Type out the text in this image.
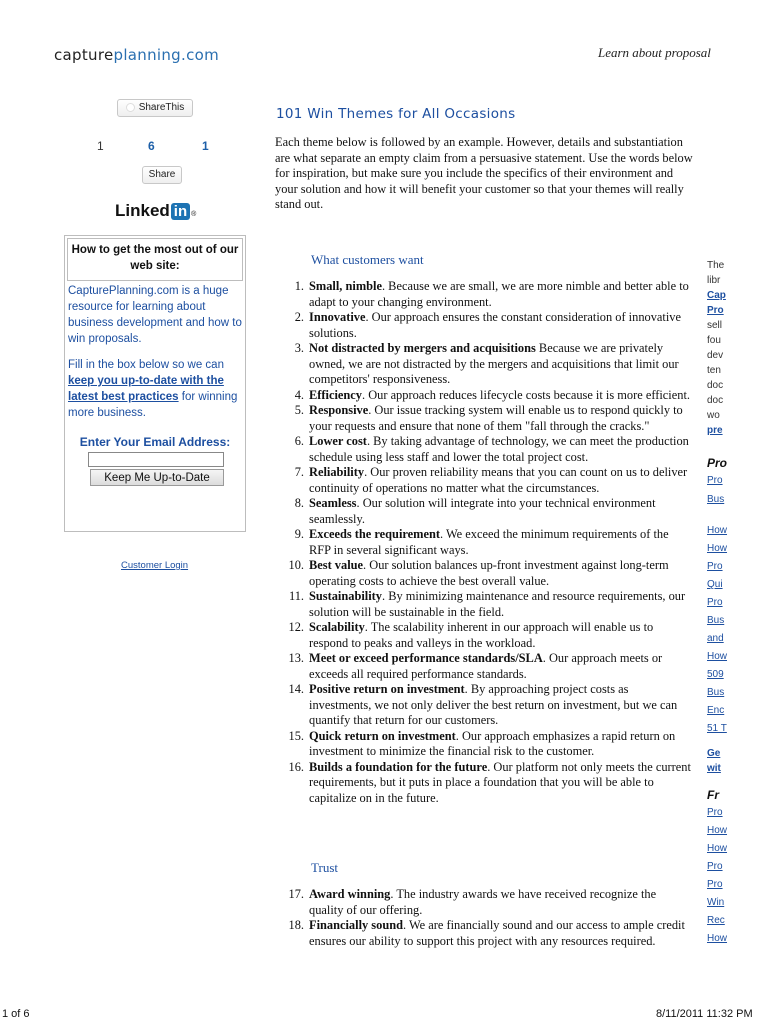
captureplanning.com	Learn about proposal
ShareThis
1	6	1
Share
Linked in ®
How to get the most out of our web site:

CapturePlanning.com is a huge resource for learning about business development and how to win proposals.

Fill in the box below so we can keep you up-to-date with the latest best practices for winning more business.

Enter Your Email Address:
Keep Me Up-to-Date
Customer Login
101 Win Themes for All Occasions
Each theme below is followed by an example. However, details and substantiation are what separate an empty claim from a persuasive statement. Use the words below for inspiration, but make sure you include the specifics of their environment and your solution and how it will benefit your customer so that your themes will really stand out.
What customers want
1. Small, nimble. Because we are small, we are more nimble and better able to adapt to your changing environment.
2. Innovative. Our approach ensures the constant consideration of innovative solutions.
3. Not distracted by mergers and acquisitions Because we are privately owned, we are not distracted by the mergers and acquisitions that limit our competitors' responsiveness.
4. Efficiency. Our approach reduces lifecycle costs because it is more efficient.
5. Responsive. Our issue tracking system will enable us to respond quickly to your requests and ensure that none of them "fall through the cracks."
6. Lower cost. By taking advantage of technology, we can meet the production schedule using less staff and lower the total project cost.
7. Reliability. Our proven reliability means that you can count on us to deliver continuity of operations no matter what the circumstances.
8. Seamless. Our solution will integrate into your technical environment seamlessly.
9. Exceeds the requirement. We exceed the minimum requirements of the RFP in several significant ways.
10. Best value. Our solution balances up-front investment against long-term operating costs to achieve the best overall value.
11. Sustainability. By minimizing maintenance and resource requirements, our solution will be sustainable in the field.
12. Scalability. The scalability inherent in our approach will enable us to respond to peaks and valleys in the workload.
13. Meet or exceed performance standards/SLA. Our approach meets or exceeds all required performance standards.
14. Positive return on investment. By approaching project costs as investments, we not only deliver the best return on investment, but we can quantify that return for our customers.
15. Quick return on investment. Our approach emphasizes a rapid return on investment to minimize the financial risk to the customer.
16. Builds a foundation for the future. Our platform not only meets the current requirements, but it puts in place a foundation that you will be able to capitalize on in the future.
Trust
17. Award winning. The industry awards we have received recognize the quality of our offering.
18. Financially sound. We are financially sound and our access to ample credit ensures our ability to support this project with any resources required.
The
libr
Cap
Pro
sell
fou
dev
ten
doc
doc
wo
pre
Pro
Pro
Bus
How
How
Pro
Qui
Pro
Bus
and
How
509
Bus
Enc
51 T
Ge
wit
Fr
Pro
How
How
Pro
Pro
Win
Rec
How
1 of 6	8/11/2011 11:32 PM
